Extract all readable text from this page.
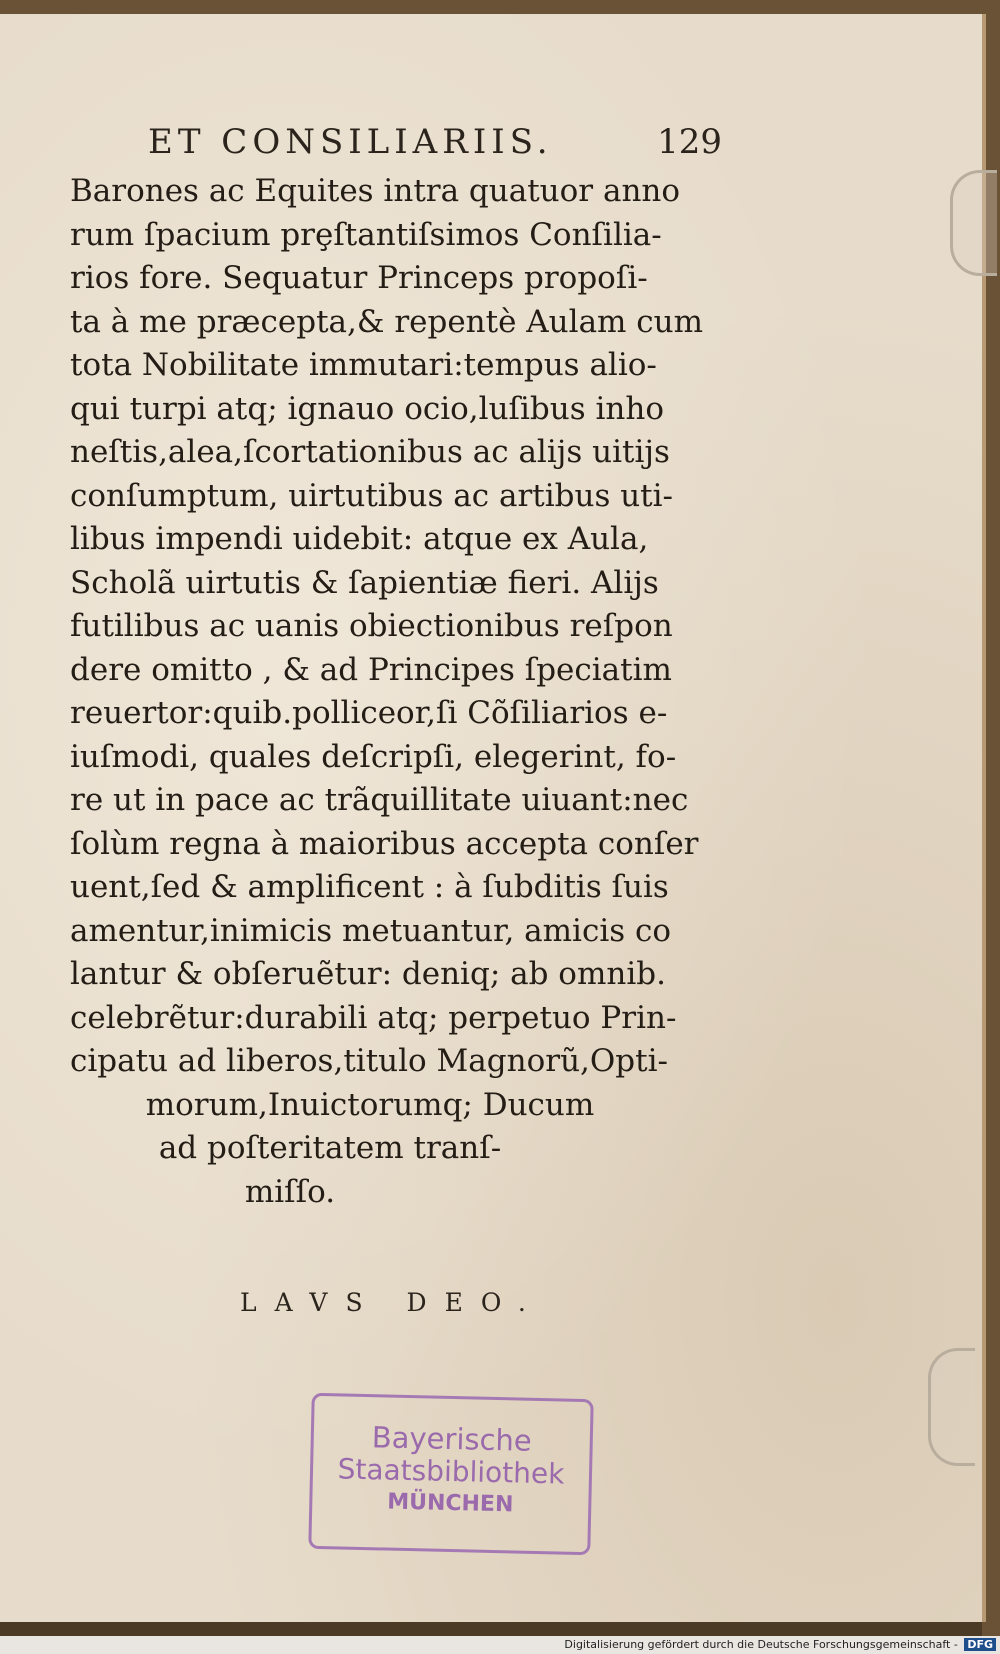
ET CONSILIARIIS.	129
Barones ac Equites intra quatuor anno
rum ſpacium prȩſtantiſsimos Conſilia-
rios fore. Sequatur Princeps propoſi-
ta à me præcepta,& repentè Aulam cum
tota Nobilitate immutari:tempus alio-
qui turpi atq; ignauo ocio,luſibus inho
neſtis,alea,ſcortationibus ac aliјs uitiјs
conſumptum, uirtutibus ac artibus uti-
libus impendi uidebit: atque ex Aula,
Scholã uirtutis & ſapientiæ fieri. Aliјs
futilibus ac uanis obiectionibus reſpon
dere omitto , & ad Principes ſpeciatim
reuertor:quib.polliceor,ſi Cõſiliarios e-
iuſmodi, quales deſcripſi, elegerint, fo-
re ut in pace ac trãquillitate uiuant:nec
ſolùm regna à maioribus accepta conſer
uent,ſed & amplificent : à ſubditis ſuis
amentur,inimicis metuantur, amicis co
lantur & obſeruẽtur: deniq; ab omnib.
celebrẽtur:durabili atq; perpetuo Prin-
cipatu ad liberos,titulo Magnorũ,Opti-
morum,Inuictorumq; Ducum
ad poſteritatem tranſ-
miſſo.
LAVS DEO.
Bayerische
Staatsbibliothek
MÜNCHEN
Digitalisierung gefördert durch die Deutsche Forschungsgemeinschaft - DFG
